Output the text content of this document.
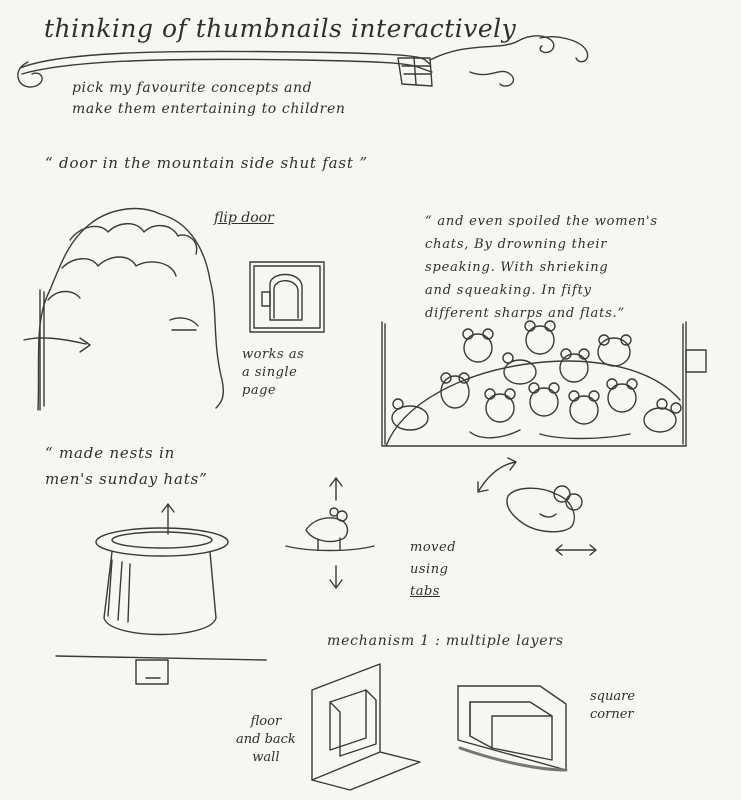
thinking of thumbnails interactively
pick my favourite concepts and
make them entertaining to children
“ door in the mountain side shut fast ”
flip door
works as
a single
page
“ and even spoiled the women's
chats, By drowning their
speaking. With shrieking
and squeaking. In fifty
different sharps and flats.”
“ made nests in
men's sunday hats”
moved
using
tabs
mechanism 1 : multiple layers
floor
and back
wall
square
corner
